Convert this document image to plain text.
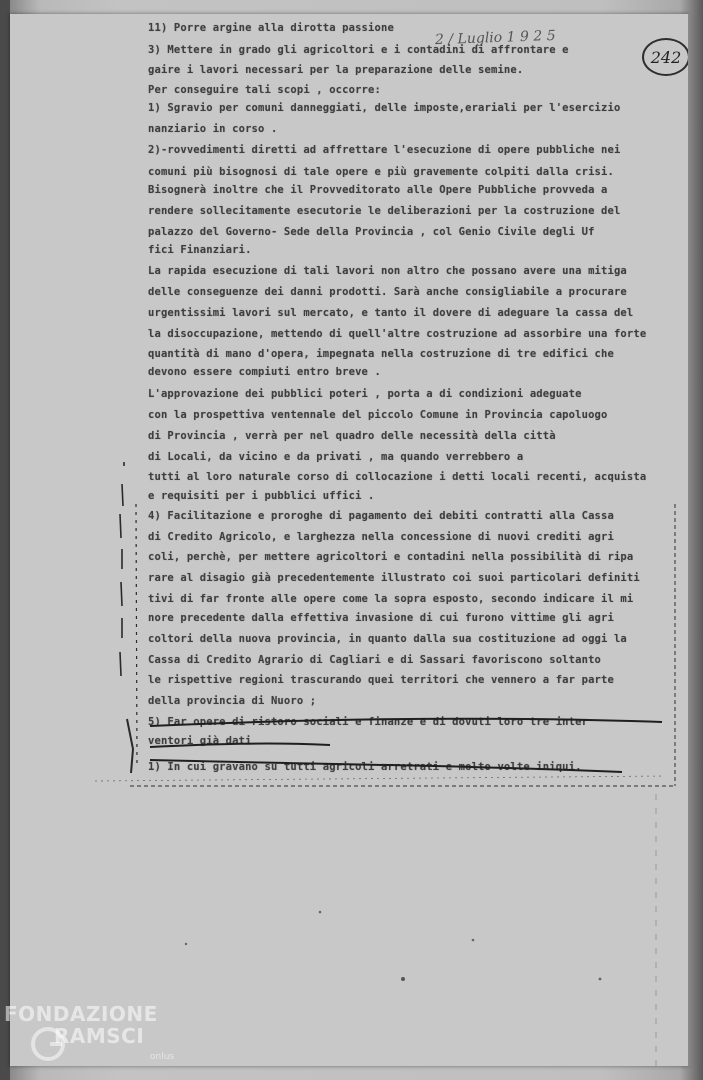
2 / Luglio 1 9 2 5
242
11) Porre argine alla dirotta passione
3) Mettere in grado gli agricoltori e i contadini di affrontare e
gaire i lavori necessari per la preparazione delle semine.
Per conseguire tali scopi , occorre:
1) Sgravio per comuni danneggiati, delle imposte,erariali per l'esercizio
nanziario in corso .
2)-rovvedimenti diretti ad affrettare l'esecuzione di opere pubbliche nei
comuni più bisognosi di tale opere e più gravemente colpiti dalla crisi.
Bisognerà inoltre che il Provveditorato alle Opere Pubbliche provveda a
rendere sollecitamente esecutorie le deliberazioni per la costruzione del
palazzo del Governo- Sede della Provincia , col Genio Civile degli Uf
fici Finanziari.
La rapida esecuzione di tali lavori non altro che possano avere una mitiga
delle conseguenze dei danni prodotti. Sarà anche consigliabile a procurare
urgentissimi lavori sul mercato, e tanto il dovere di adeguare la cassa del
la disoccupazione, mettendo di quell'altre costruzione ad assorbire una forte
quantità di mano d'opera, impegnata nella costruzione di tre edifici che
devono essere compiuti entro breve .
L'approvazione dei pubblici poteri , porta a di condizioni adeguate
con la prospettiva ventennale del piccolo Comune in Provincia capoluogo
di Provincia , verrà per nel quadro delle necessità della città
di Locali, da vicino e da privati , ma quando verrebbero a
tutti al loro naturale corso di collocazione i detti locali recenti, acquista
e requisiti per i pubblici uffici .
4) Facilitazione e proroghe di pagamento dei debiti contratti alla Cassa
di Credito Agricolo, e larghezza nella concessione di nuovi crediti agri
coli, perchè, per mettere agricoltori e contadini nella possibilità di ripa
rare al disagio già precedentemente illustrato coi suoi particolari definiti
tivi di far fronte alle opere come la sopra esposto, secondo indicare il mi
nore precedente dalla effettiva invasione di cui furono vittime gli agri
coltori della nuova provincia, in quanto dalla sua costituzione ad oggi la
Cassa di Credito Agrario di Cagliari e di Sassari favoriscono soltanto
le rispettive regioni trascurando quei territori che vennero a far parte
della provincia di Nuoro ;
5) Far opere di ristoro sociali e finanze e di dovuti loro tre inter
ventori già dati
1) In cui gravano su tutti agricoli arretrati e molto volte iniqui.
FONDAZIONE
RAMSCI
onlus
